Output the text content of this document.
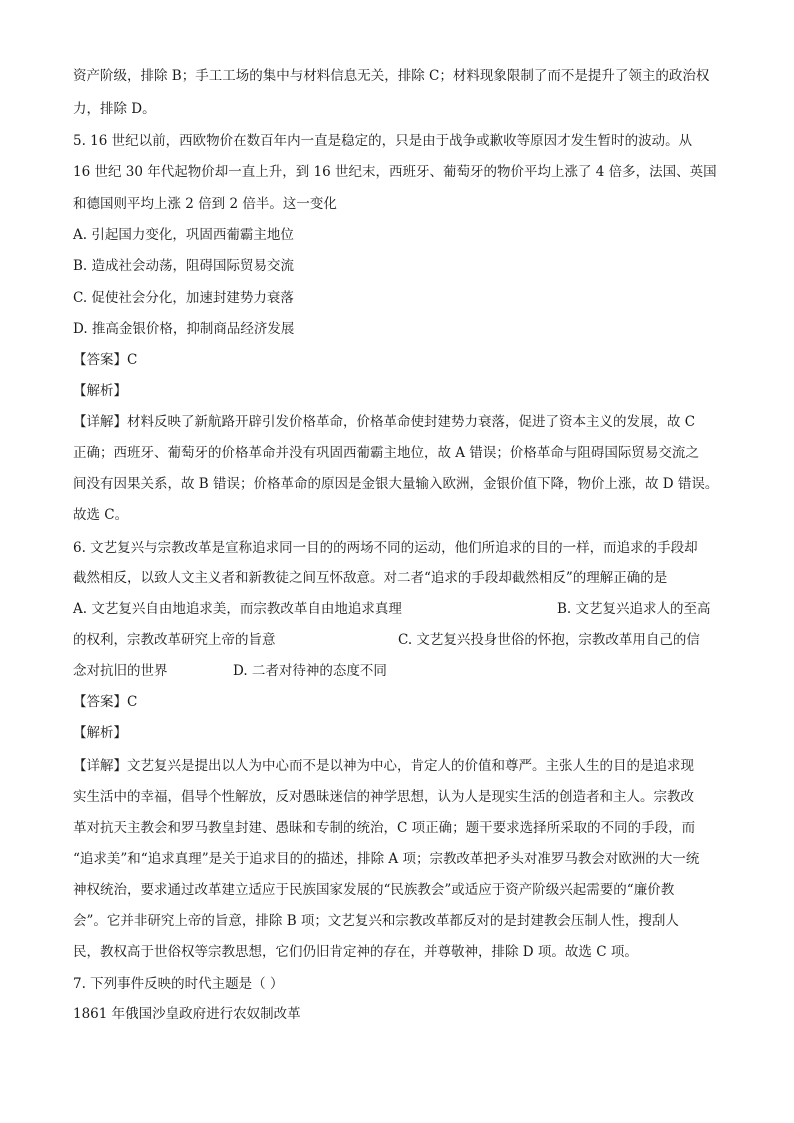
资产阶级，排除 B；手工工场的集中与材料信息无关，排除 C；材料现象限制了而不是提升了领主的政治权
力，排除 D。
5. 16 世纪以前，西欧物价在数百年内一直是稳定的，只是由于战争或歉收等原因才发生暂时的波动。从
16 世纪 30 年代起物价却一直上升，到 16 世纪末，西班牙、葡萄牙的物价平均上涨了 4 倍多，法国、英国
和德国则平均上涨 2 倍到 2 倍半。这一变化
A. 引起国力变化，巩固西葡霸主地位
B. 造成社会动荡，阻碍国际贸易交流
C. 促使社会分化，加速封建势力衰落
D. 推高金银价格，抑制商品经济发展
【答案】C
【解析】
【详解】材料反映了新航路开辟引发价格革命，价格革命使封建势力衰落，促进了资本主义的发展，故 C
正确；西班牙、葡萄牙的价格革命并没有巩固西葡霸主地位，故 A 错误；价格革命与阻碍国际贸易交流之
间没有因果关系，故 B 错误；价格革命的原因是金银大量输入欧洲，金银价值下降，物价上涨，故 D 错误。
故选 C。
6. 文艺复兴与宗教改革是宣称追求同一目的的两场不同的运动，他们所追求的目的一样，而追求的手段却
截然相反，以致人文主义者和新教徒之间互怀敌意。对二者“追求的手段却截然相反”的理解正确的是
A. 文艺复兴自由地追求美，而宗教改革自由地追求真理	B. 文艺复兴追求人的至高
的权利，宗教改革研究上帝的旨意	C. 文艺复兴投身世俗的怀抱，宗教改革用自己的信
念对抗旧的世界	D. 二者对待神的态度不同
【答案】C
【解析】
【详解】文艺复兴是提出以人为中心而不是以神为中心，肯定人的价值和尊严。主张人生的目的是追求现
实生活中的幸福，倡导个性解放，反对愚昧迷信的神学思想，认为人是现实生活的创造者和主人。宗教改
革对抗天主教会和罗马教皇封建、愚昧和专制的统治，C 项正确；题干要求选择所采取的不同的手段，而
“追求美”和“追求真理”是关于追求目的的描述，排除 A 项；宗教改革把矛头对准罗马教会对欧洲的大一统
神权统治，要求通过改革建立适应于民族国家发展的“民族教会”或适应于资产阶级兴起需要的“廉价教
会”。它并非研究上帝的旨意，排除 B 项；文艺复兴和宗教改革都反对的是封建教会压制人性，搜刮人
民，教权高于世俗权等宗教思想，它们仍旧肯定神的存在，并尊敬神，排除 D 项。故选 C 项。
7. 下列事件反映的时代主题是（ ）
1861 年俄国沙皇政府进行农奴制改革
